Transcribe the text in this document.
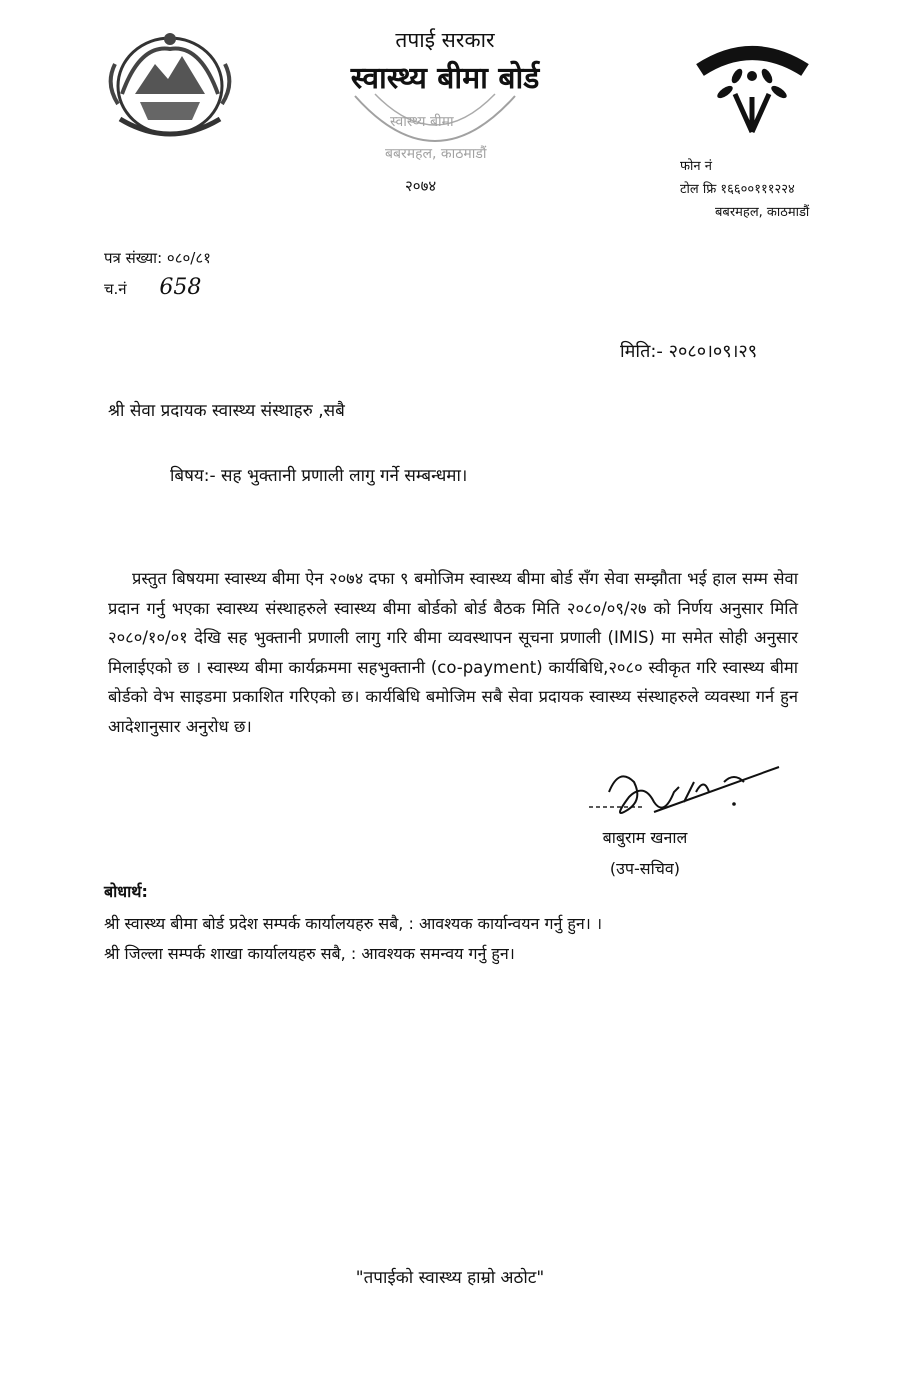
तपाई सरकार
स्वास्थ्य बीमा बोर्ड
स्वास्थ्य बीमा
बबरमहल, काठमाडौं
२०७४
फोन नं
टोल फ्रि १६६००१११२२४
बबरमहल, काठमाडौं
पत्र संख्या: ०८०/८१
च.नं 658
मिति:- २०८०।०९।२९
श्री सेवा प्रदायक स्वास्थ्य संस्थाहरु ,सबै
बिषय:- सह भुक्तानी प्रणाली लागु गर्ने सम्बन्धमा।
प्रस्तुत बिषयमा स्वास्थ्य बीमा ऐन २०७४ दफा ९ बमोजिम स्वास्थ्य बीमा बोर्ड सँग सेवा सम्झौता भई हाल सम्म सेवा प्रदान गर्नु भएका स्वास्थ्य संस्थाहरुले स्वास्थ्य बीमा बोर्डको बोर्ड बैठक मिति २०८०/०९/२७ को निर्णय अनुसार मिति २०८०/१०/०१ देखि सह भुक्तानी प्रणाली लागु गरि बीमा व्यवस्थापन सूचना प्रणाली (IMIS) मा समेत सोही अनुसार मिलाईएको छ । स्वास्थ्य बीमा कार्यक्रममा सहभुक्तानी (co-payment) कार्यबिधि,२०८० स्वीकृत गरि स्वास्थ्य बीमा बोर्डको वेभ साइडमा प्रकाशित गरिएको छ। कार्यबिधि बमोजिम सबै सेवा प्रदायक स्वास्थ्य संस्थाहरुले व्यवस्था गर्न हुन आदेशानुसार अनुरोध छ।
बाबुराम खनाल
(उप-सचिव)
बोधार्थ:
श्री स्वास्थ्य बीमा बोर्ड प्रदेश सम्पर्क कार्यालयहरु सबै, : आवश्यक कार्यान्वयन गर्नु हुन। ।
श्री जिल्ला सम्पर्क शाखा कार्यालयहरु सबै, : आवश्यक समन्वय गर्नु हुन।
"तपाईको स्वास्थ्य हाम्रो अठोट"
